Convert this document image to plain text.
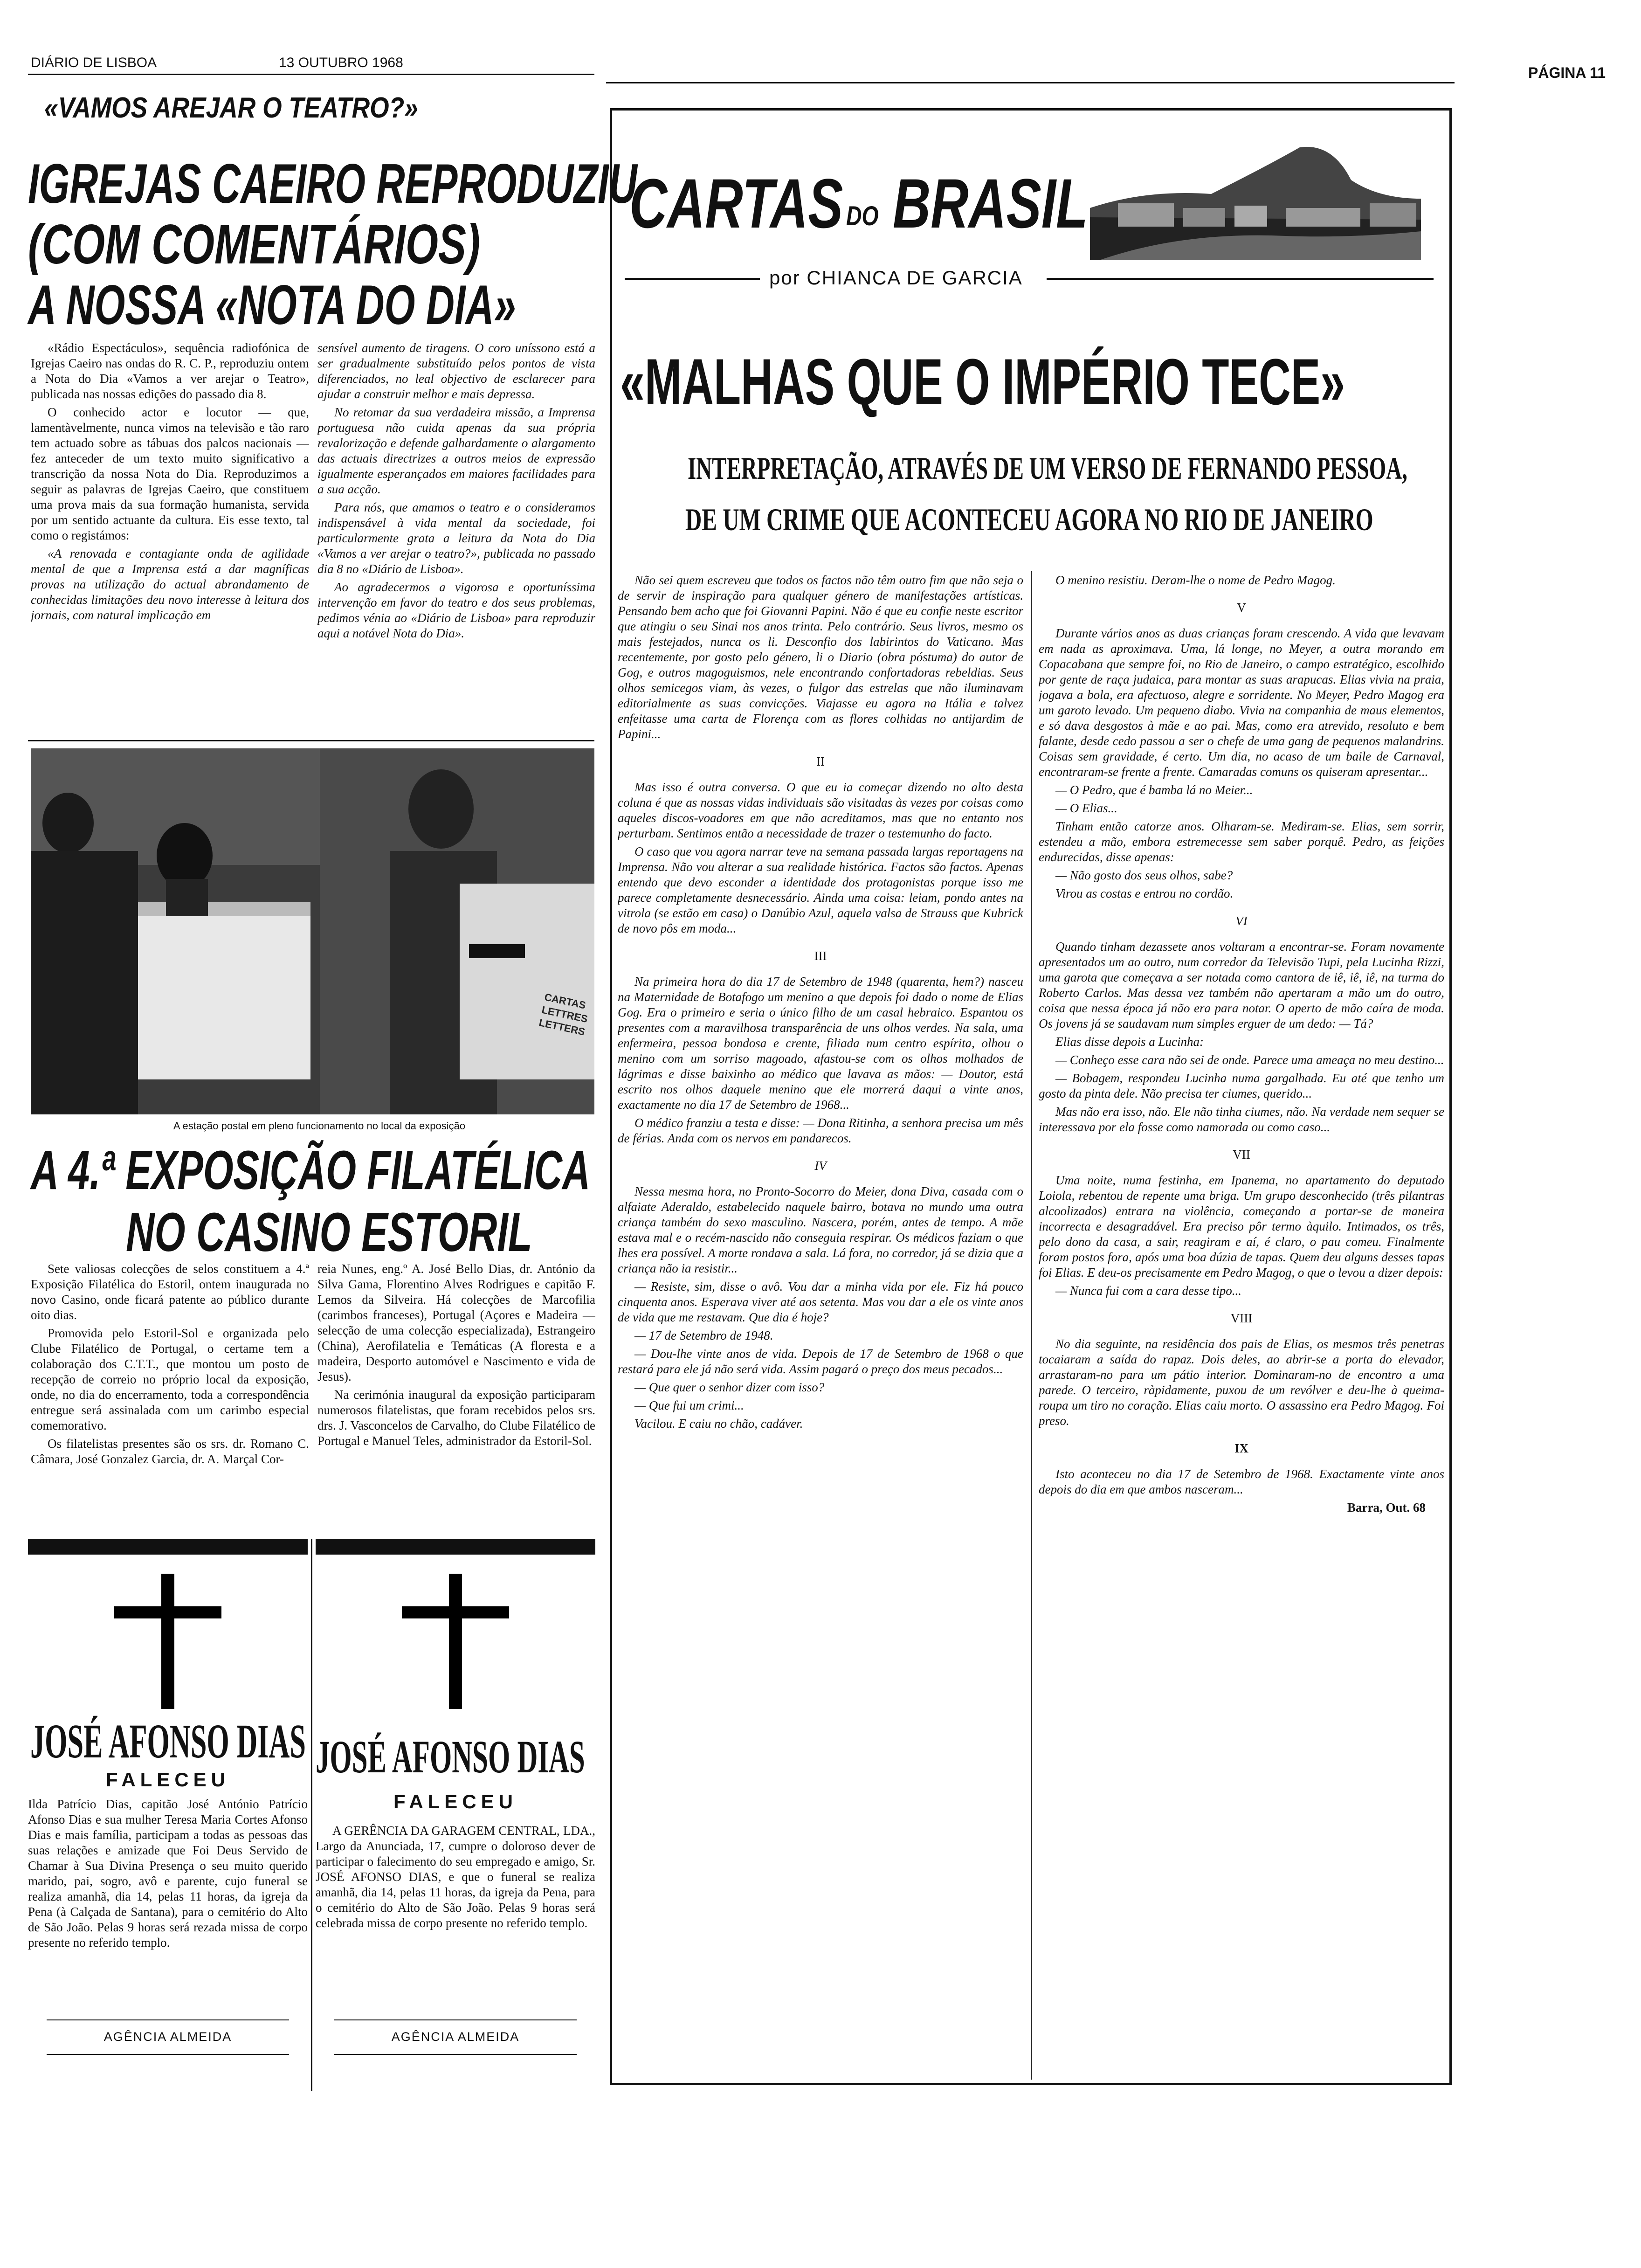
DIÁRIO DE LISBOA	13 OUTUBRO 1968
PÁGINA 11
«VAMOS AREJAR O TEATRO?»
IGREJAS CAEIRO REPRODUZIU
(COM COMENTÁRIOS)
A NOSSA «NOTA DO DIA»

«Rádio Espectáculos», sequência radiofónica de Igrejas Caeiro nas ondas do R. C. P., reproduziu ontem a Nota do Dia «Vamos a ver arejar o Teatro», publicada nas nossas edições do passado dia 8.

O conhecido actor e locutor — que, lamentàvelmente, nunca vimos na televisão e tão raro tem actuado sobre as tábuas dos palcos nacionais — fez anteceder de um texto muito significativo a transcrição da nossa Nota do Dia. Reproduzimos a seguir as palavras de Igrejas Caeiro, que constituem uma prova mais da sua formação humanista, servida por um sentido actuante da cultura. Eis esse texto, tal como o registámos:

«A renovada e contagiante onda de agilidade mental de que a Imprensa está a dar magníficas provas na utilização do actual abrandamento de conhecidas limitações deu novo interesse à leitura dos jornais, com natural implicação em

sensível aumento de tiragens. O coro uníssono está a ser gradualmente substituído pelos pontos de vista diferenciados, no leal objectivo de esclarecer para ajudar a construir melhor e mais depressa.

No retomar da sua verdadeira missão, a Imprensa portuguesa não cuida apenas da sua própria revalorização e defende galhardamente o alargamento das actuais directrizes a outros meios de expressão igualmente esperançados em maiores facilidades para a sua acção.

Para nós, que amamos o teatro e o consideramos indispensável à vida mental da sociedade, foi particularmente grata a leitura da Nota do Dia «Vamos a ver arejar o teatro?», publicada no passado dia 8 no «Diário de Lisboa».

Ao agradecermos a vigorosa e oportuníssima intervenção em favor do teatro e dos seus problemas, pedimos vénia ao «Diário de Lisboa» para reproduzir aqui a notável Nota do Dia».

CARTAS LETTRES LETTERS
A estação postal em pleno funcionamento no local da exposição
A 4.ª EXPOSIÇÃO FILATÉLICA
NO CASINO ESTORIL

Sete valiosas colecções de selos constituem a 4.ª Exposição Filatélica do Estoril, ontem inaugurada no novo Casino, onde ficará patente ao público durante oito dias.

Promovida pelo Estoril-Sol e organizada pelo Clube Filatélico de Portugal, o certame tem a colaboração dos C.T.T., que montou um posto de recepção de correio no próprio local da exposição, onde, no dia do encerramento, toda a correspondência entregue será assinalada com um carimbo especial comemorativo.

Os filatelistas presentes são os srs. dr. Romano C. Câmara, José Gonzalez Garcia, dr. A. Marçal Cor-

reia Nunes, eng.º A. José Bello Dias, dr. António da Silva Gama, Florentino Alves Rodrigues e capitão F. Lemos da Silveira. Há colecções de Marcofilia (carimbos franceses), Portugal (Açores e Madeira — selecção de uma colecção especializada), Estrangeiro (China), Aerofilatelia e Temáticas (A floresta e a madeira, Desporto automóvel e Nascimento e vida de Jesus).

Na cerimónia inaugural da exposição participaram numerosos filatelistas, que foram recebidos pelos srs. drs. J. Vasconcelos de Carvalho, do Clube Filatélico de Portugal e Manuel Teles, administrador da Estoril-Sol.

JOSÉ AFONSO DIAS
FALECEU

Ilda Patrício Dias, capitão José António Patrício Afonso Dias e sua mulher Teresa Maria Cortes Afonso Dias e mais família, participam a todas as pessoas das suas relações e amizade que Foi Deus Servido de Chamar à Sua Divina Presença o seu muito querido marido, pai, sogro, avô e parente, cujo funeral se realiza amanhã, dia 14, pelas 11 horas, da igreja da Pena (à Calçada de Santana), para o cemitério do Alto de São João. Pelas 9 horas será rezada missa de corpo presente no referido templo.

AGÊNCIA ALMEIDA
JOSÉ AFONSO DIAS
FALECEU

A GERÊNCIA DA GARAGEM CENTRAL, LDA., Largo da Anunciada, 17, cumpre o doloroso dever de participar o falecimento do seu empregado e amigo, Sr. JOSÉ AFONSO DIAS, e que o funeral se realiza amanhã, dia 14, pelas 11 horas, da igreja da Pena, para o cemitério do Alto de São João. Pelas 9 horas será celebrada missa de corpo presente no referido templo.

AGÊNCIA ALMEIDA
CARTAS DO BRASIL
por CHIANCA DE GARCIA
«MALHAS QUE O IMPÉRIO TECE»
INTERPRETAÇÃO, ATRAVÉS DE UM VERSO DE FERNANDO PESSOA,
DE UM CRIME QUE ACONTECEU AGORA NO RIO DE JANEIRO

Não sei quem escreveu que todos os factos não têm outro fim que não seja o de servir de inspiração para qualquer género de manifestações artísticas. Pensando bem acho que foi Giovanni Papini. Não é que eu confie neste escritor que atingiu o seu Sinai nos anos trinta. Pelo contrário. Seus livros, mesmo os mais festejados, nunca os li. Desconfio dos labirintos do Vaticano. Mas recentemente, por gosto pelo género, li o Diario (obra póstuma) do autor de Gog, e outros magoguismos, nele encontrando confortadoras rebeldias. Seus olhos semicegos viam, às vezes, o fulgor das estrelas que não iluminavam editorialmente as suas convicções. Viajasse eu agora na Itália e talvez enfeitasse uma carta de Florença com as flores colhidas no antijardim de Papini...

II

Mas isso é outra conversa. O que eu ia começar dizendo no alto desta coluna é que as nossas vidas individuais são visitadas às vezes por coisas como aqueles discos-voadores em que não acreditamos, mas que no entanto nos perturbam. Sentimos então a necessidade de trazer o testemunho do facto.

O caso que vou agora narrar teve na semana passada largas reportagens na Imprensa. Não vou alterar a sua realidade histórica. Factos são factos. Apenas entendo que devo esconder a identidade dos protagonistas porque isso me parece completamente desnecessário. Ainda uma coisa: leiam, pondo antes na vitrola (se estão em casa) o Danúbio Azul, aquela valsa de Strauss que Kubrick de novo pôs em moda...

III

Na primeira hora do dia 17 de Setembro de 1948 (quarenta, hem?) nasceu na Maternidade de Botafogo um menino a que depois foi dado o nome de Elias Gog. Era o primeiro e seria o único filho de um casal hebraico. Espantou os presentes com a maravilhosa transparência de uns olhos verdes. Na sala, uma enfermeira, pessoa bondosa e crente, filiada num centro espírita, olhou o menino com um sorriso magoado, afastou-se com os olhos molhados de lágrimas e disse baixinho ao médico que lavava as mãos: — Doutor, está escrito nos olhos daquele menino que ele morrerá daqui a vinte anos, exactamente no dia 17 de Setembro de 1968...

O médico franziu a testa e disse: — Dona Ritinha, a senhora precisa um mês de férias. Anda com os nervos em pandarecos.

IV

Nessa mesma hora, no Pronto-Socorro do Meier, dona Diva, casada com o alfaiate Aderaldo, estabelecido naquele bairro, botava no mundo uma outra criança também do sexo masculino. Nascera, porém, antes de tempo. A mãe estava mal e o recém-nascido não conseguia respirar. Os médicos faziam o que lhes era possível. A morte rondava a sala. Lá fora, no corredor, já se dizia que a criança não ia resistir...

— Resiste, sim, disse o avô. Vou dar a minha vida por ele. Fiz há pouco cinquenta anos. Esperava viver até aos setenta. Mas vou dar a ele os vinte anos de vida que me restavam. Que dia é hoje?

— 17 de Setembro de 1948.

— Dou-lhe vinte anos de vida. Depois de 17 de Setembro de 1968 o que restará para ele já não será vida. Assim pagará o preço dos meus pecados...

— Que quer o senhor dizer com isso?

— Que fui um crimi...

Vacilou. E caiu no chão, cadáver.

O menino resistiu. Deram-lhe o nome de Pedro Magog.

V

Durante vários anos as duas crianças foram crescendo. A vida que levavam em nada as aproximava. Uma, lá longe, no Meyer, a outra morando em Copacabana que sempre foi, no Rio de Janeiro, o campo estratégico, escolhido por gente de raça judaica, para montar as suas arapucas. Elias vivia na praia, jogava a bola, era afectuoso, alegre e sorridente. No Meyer, Pedro Magog era um garoto levado. Um pequeno diabo. Vivia na companhia de maus elementos, e só dava desgostos à mãe e ao pai. Mas, como era atrevido, resoluto e bem falante, desde cedo passou a ser o chefe de uma gang de pequenos malandrins. Coisas sem gravidade, é certo. Um dia, no acaso de um baile de Carnaval, encontraram-se frente a frente. Camaradas comuns os quiseram apresentar...

— O Pedro, que é bamba lá no Meier...

— O Elias...

Tinham então catorze anos. Olharam-se. Mediram-se. Elias, sem sorrir, estendeu a mão, embora estremecesse sem saber porquê. Pedro, as feições endurecidas, disse apenas:

— Não gosto dos seus olhos, sabe?

Virou as costas e entrou no cordão.

VI

Quando tinham dezassete anos voltaram a encontrar-se. Foram novamente apresentados um ao outro, num corredor da Televisão Tupi, pela Lucinha Rizzi, uma garota que começava a ser notada como cantora de iê, iê, iê, na turma do Roberto Carlos. Mas dessa vez também não apertaram a mão um do outro, coisa que nessa época já não era para notar. O aperto de mão caíra de moda. Os jovens já se saudavam num simples erguer de um dedo: — Tá?

Elias disse depois a Lucinha:

— Conheço esse cara não sei de onde. Parece uma ameaça no meu destino...

— Bobagem, respondeu Lucinha numa gargalhada. Eu até que tenho um gosto da pinta dele. Não precisa ter ciumes, querido...

Mas não era isso, não. Ele não tinha ciumes, não. Na verdade nem sequer se interessava por ela fosse como namorada ou como caso...

VII

Uma noite, numa festinha, em Ipanema, no apartamento do deputado Loiola, rebentou de repente uma briga. Um grupo desconhecido (três pilantras alcoolizados) entrara na violência, começando a portar-se de maneira incorrecta e desagradável. Era preciso pôr termo àquilo. Intimados, os três, pelo dono da casa, a sair, reagiram e aí, é claro, o pau comeu. Finalmente foram postos fora, após uma boa dúzia de tapas. Quem deu alguns desses tapas foi Elias. E deu-os precisamente em Pedro Magog, o que o levou a dizer depois:

— Nunca fui com a cara desse tipo...

VIII

No dia seguinte, na residência dos pais de Elias, os mesmos três penetras tocaiaram a saída do rapaz. Dois deles, ao abrir-se a porta do elevador, arrastaram-no para um pátio interior. Dominaram-no de encontro a uma parede. O terceiro, ràpidamente, puxou de um revólver e deu-lhe à queima-roupa um tiro no coração. Elias caiu morto. O assassino era Pedro Magog. Foi preso.

IX

Isto aconteceu no dia 17 de Setembro de 1968. Exactamente vinte anos depois do dia em que ambos nasceram...

Barra, Out. 68
